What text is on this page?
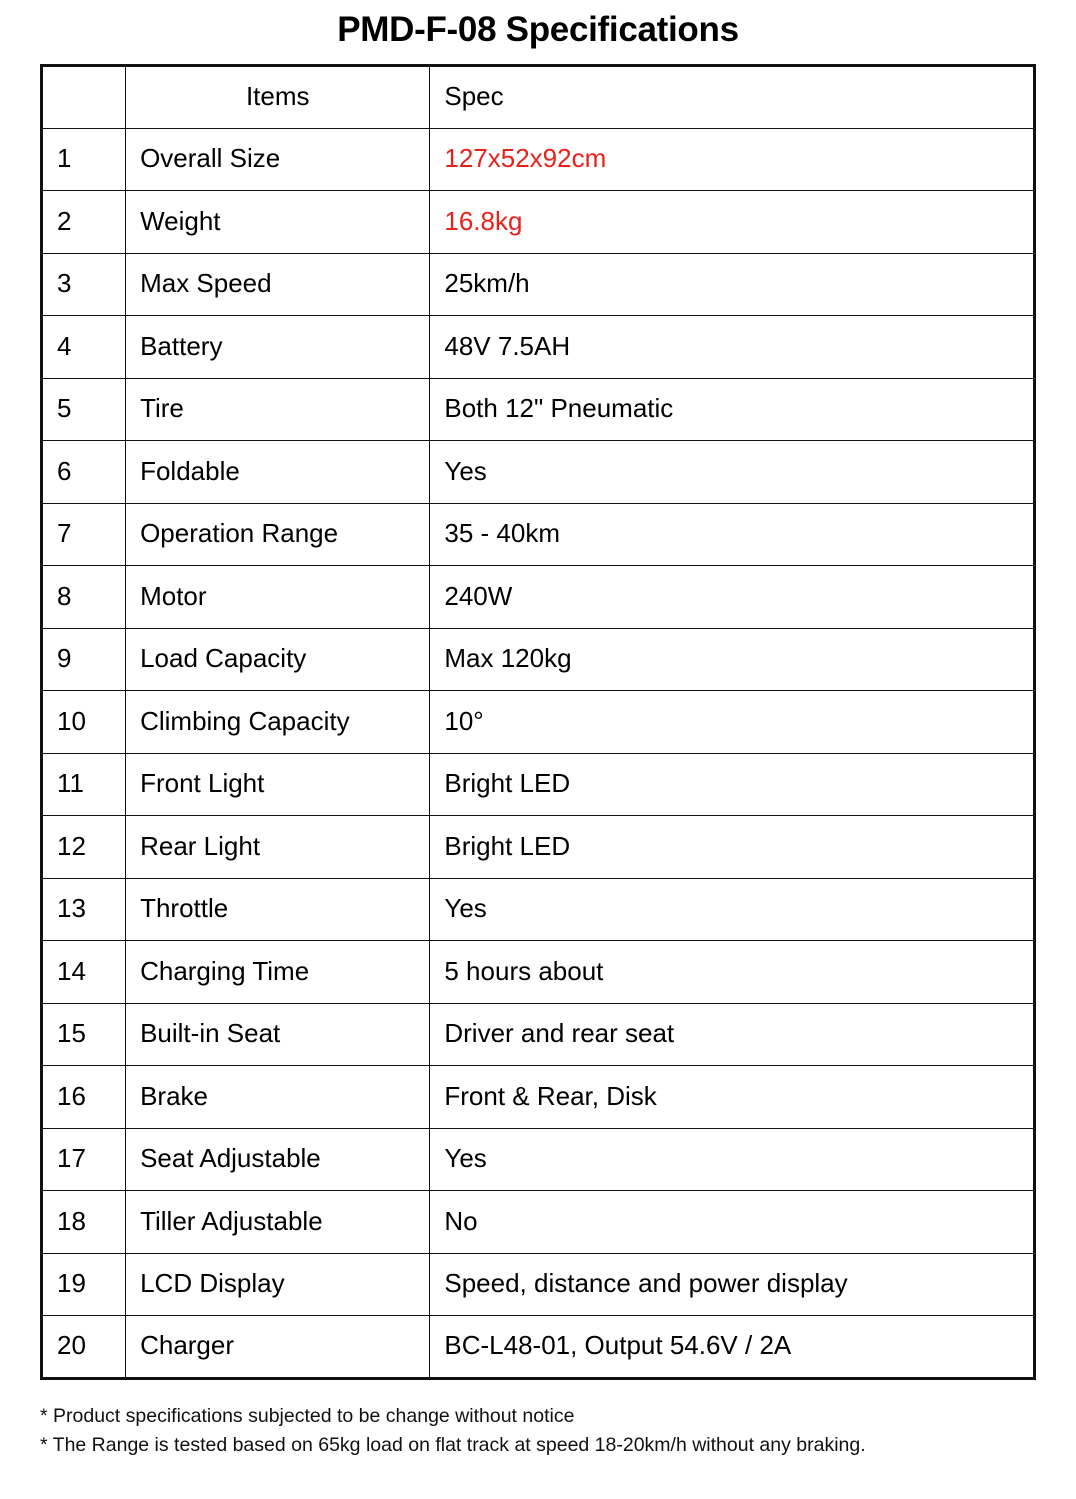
PMD-F-08 Specifications
	Items	Spec
1	Overall Size	127x52x92cm
2	Weight	16.8kg
3	Max Speed	25km/h
4	Battery	48V 7.5AH
5	Tire	Both 12" Pneumatic
6	Foldable	Yes
7	Operation Range	35 - 40km
8	Motor	240W
9	Load Capacity	Max 120kg
10	Climbing Capacity	10°
11	Front Light	Bright LED
12	Rear Light	Bright LED
13	Throttle	Yes
14	Charging Time	5 hours about
15	Built-in Seat	Driver and rear seat
16	Brake	Front & Rear, Disk
17	Seat Adjustable	Yes
18	Tiller Adjustable	No
19	LCD Display	Speed, distance and power display
20	Charger	BC-L48-01, Output 54.6V / 2A
* Product specifications subjected to be change without notice
* The Range is tested based on 65kg load on flat track at speed 18-20km/h without any braking.
